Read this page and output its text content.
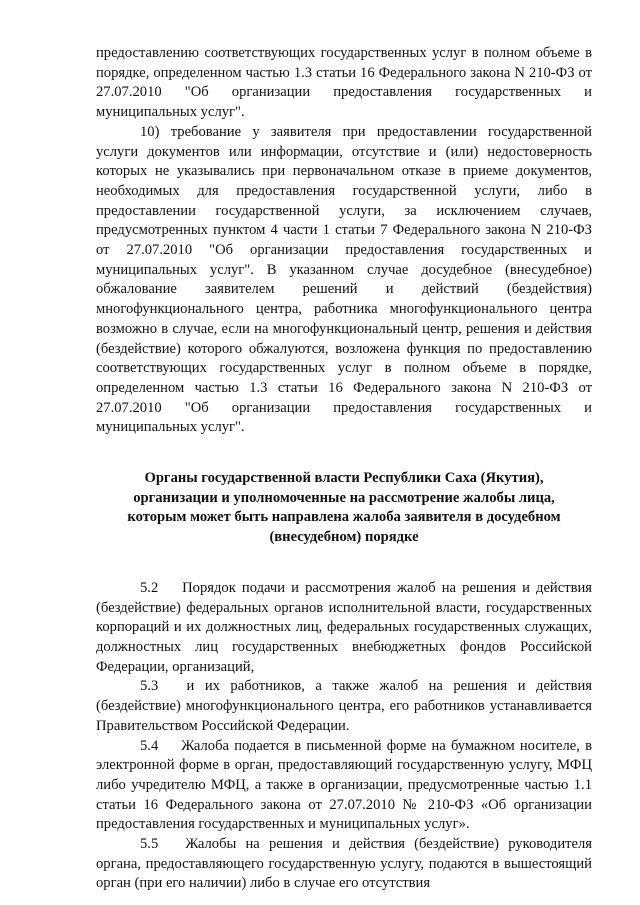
предоставлению соответствующих государственных услуг в полном объеме в порядке, определенном частью 1.3 статьи 16 Федерального закона N 210-ФЗ от 27.07.2010 "Об организации предоставления государственных и муниципальных услуг".

10) требование у заявителя при предоставлении государственной услуги документов или информации, отсутствие и (или) недостоверность которых не указывались при первоначальном отказе в приеме документов, необходимых для предоставления государственной услуги, либо в предоставлении государственной услуги, за исключением случаев, предусмотренных пунктом 4 части 1 статьи 7 Федерального закона N 210-ФЗ от 27.07.2010 "Об организации предоставления государственных и муниципальных услуг". В указанном случае досудебное (внесудебное) обжалование заявителем решений и действий (бездействия) многофункционального центра, работника многофункционального центра возможно в случае, если на многофункциональный центр, решения и действия (бездействие) которого обжалуются, возложена функция по предоставлению соответствующих государственных услуг в полном объеме в порядке, определенном частью 1.3 статьи 16 Федерального закона N 210-ФЗ от 27.07.2010 "Об организации предоставления государственных и муниципальных услуг".

Органы государственной власти Республики Саха (Якутия), организации и уполномоченные на рассмотрение жалобы лица, которым может быть направлена жалоба заявителя в досудебном (внесудебном) порядке

5.2 Порядок подачи и рассмотрения жалоб на решения и действия (бездействие) федеральных органов исполнительной власти, государственных корпораций и их должностных лиц, федеральных государственных служащих, должностных лиц государственных внебюджетных фондов Российской Федерации, организаций,

5.3 и их работников, а также жалоб на решения и действия (бездействие) многофункционального центра, его работников устанавливается Правительством Российской Федерации.

5.4 Жалоба подается в письменной форме на бумажном носителе, в электронной форме в орган, предоставляющий государственную услугу, МФЦ либо учредителю МФЦ, а также в организации, предусмотренные частью 1.1 статьи 16 Федерального закона от 27.07.2010 № 210-ФЗ «Об организации предоставления государственных и муниципальных услуг».

5.5 Жалобы на решения и действия (бездействие) руководителя органа, предоставляющего государственную услугу, подаются в вышестоящий орган (при его наличии) либо в случае его отсутствия
